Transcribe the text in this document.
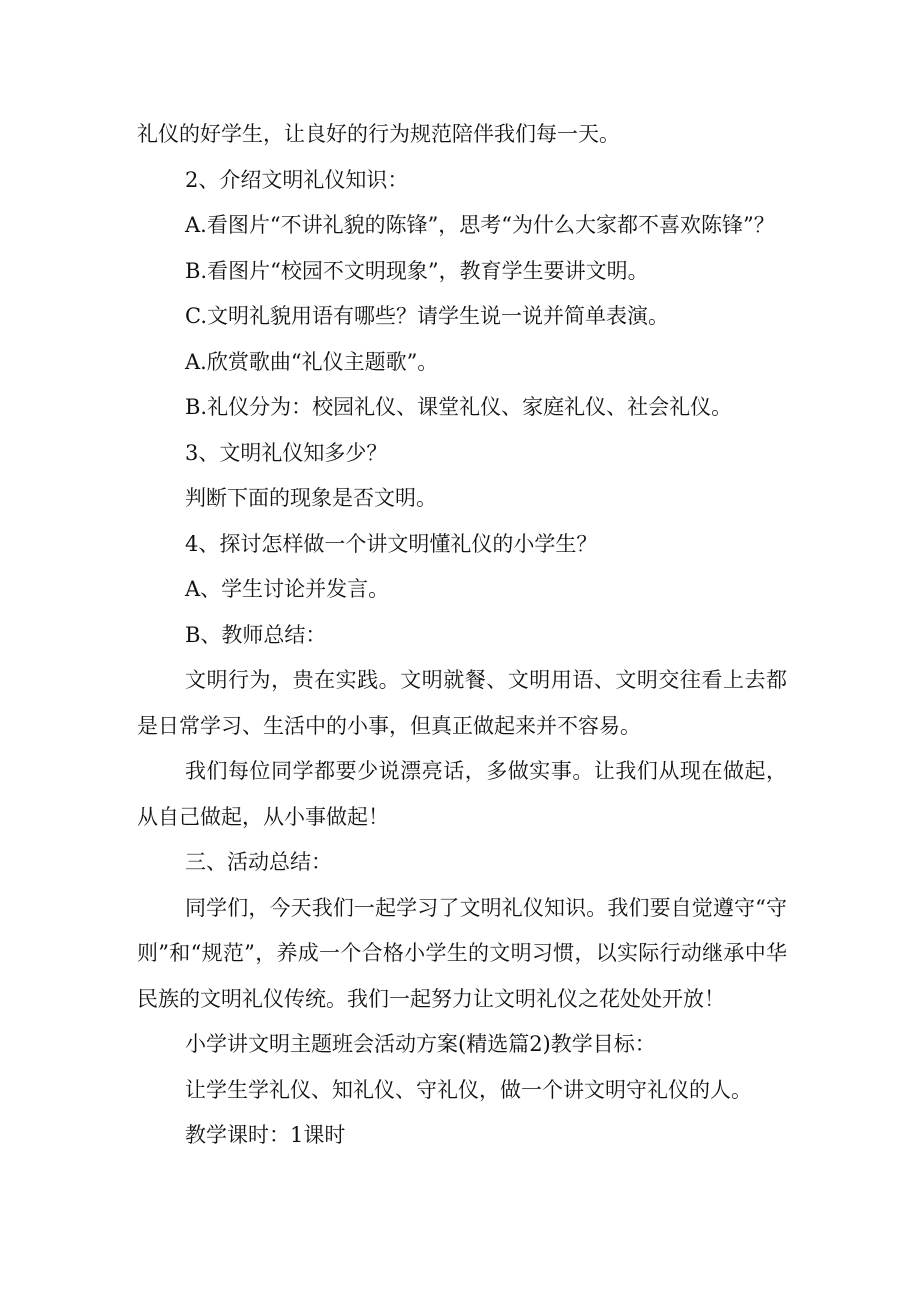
礼仪的好学生，让良好的行为规范陪伴我们每一天。

2、介绍文明礼仪知识：

A.看图片“不讲礼貌的陈锋”，思考“为什么大家都不喜欢陈锋”？

B.看图片“校园不文明现象”，教育学生要讲文明。

C.文明礼貌用语有哪些？请学生说一说并简单表演。

A.欣赏歌曲“礼仪主题歌”。

B.礼仪分为：校园礼仪、课堂礼仪、家庭礼仪、社会礼仪。

3、文明礼仪知多少？

判断下面的现象是否文明。

4、探讨怎样做一个讲文明懂礼仪的小学生？

A、学生讨论并发言。

B、教师总结：

文明行为，贵在实践。文明就餐、文明用语、文明交往看上去都是日常学习、生活中的小事，但真正做起来并不容易。

我们每位同学都要少说漂亮话，多做实事。让我们从现在做起，从自己做起，从小事做起！

三、活动总结：

同学们，今天我们一起学习了文明礼仪知识。我们要自觉遵守“守则”和“规范”，养成一个合格小学生的文明习惯，以实际行动继承中华民族的文明礼仪传统。我们一起努力让文明礼仪之花处处开放！

小学讲文明主题班会活动方案(精选篇2)教学目标：

让学生学礼仪、知礼仪、守礼仪，做一个讲文明守礼仪的人。

教学课时：1课时
